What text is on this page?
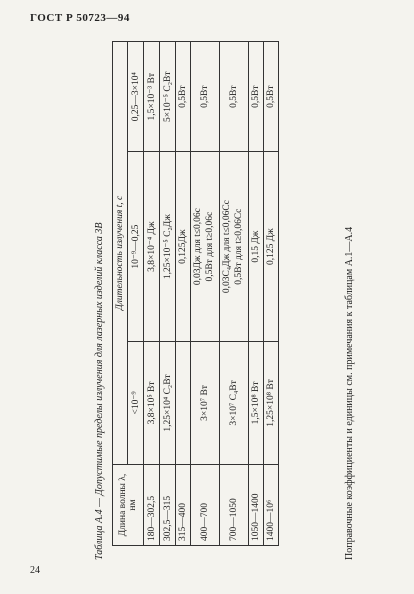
ГОСТ Р 50723—94
Таблица А.4 — Допустимые пределы излучения для лазерных изделий класса 3В Длина волны λ, нм	Длительность излучения t, с		
	<10⁻⁹	10⁻⁹—0,25	0,25—3×10⁴
180—302,5	3,8×10⁵ Вт	3,8×10⁻⁴ Дж	1,5×10⁻³ Вт
302,5—315	1,25×10⁴ C₂Вт	1,25×10⁻⁵ C₂Дж	5×10⁻⁵ C₂Вт
315—400		0,125Дж	0,5Вт
400—700	3×10⁷ Вт	0,03Дж для t≤0,06с 0,5Вт для t≥0,06с	0,5Вт
700—1050	3×10⁷ C₄Вт	0,03C₄Дж для t≤0,06Cс 0,5Вт для t≥0,06Cс	0,5Вт
1050—1400	1,5×10⁸ Вт	0,15 Дж	0,5Вт
1400—10⁶	1,25×10⁸ Вт	0,125 Дж	0,5Вт
Поправочные коэффициенты и единицы см. примечания к таблицам А.1—А.4
24
